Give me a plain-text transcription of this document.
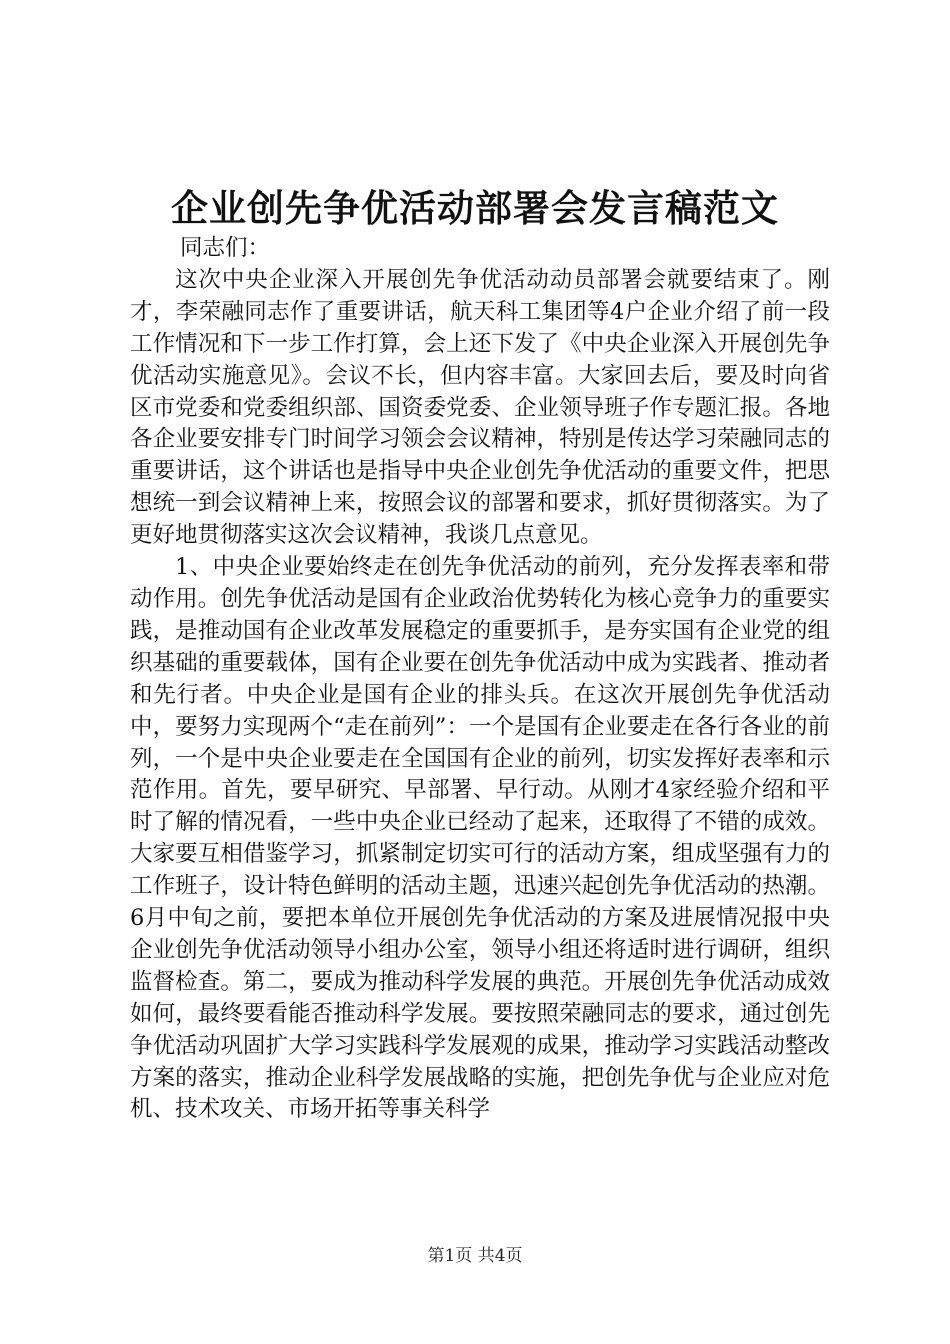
企业创先争优活动部署会发言稿范文

同志们：

这次中央企业深入开展创先争优活动动员部署会就要结束了。刚才，李荣融同志作了重要讲话，航天科工集团等4户企业介绍了前一段工作情况和下一步工作打算，会上还下发了《中央企业深入开展创先争优活动实施意见》。会议不长，但内容丰富。大家回去后，要及时向省区市党委和党委组织部、国资委党委、企业领导班子作专题汇报。各地各企业要安排专门时间学习领会会议精神，特别是传达学习荣融同志的重要讲话，这个讲话也是指导中央企业创先争优活动的重要文件，把思想统一到会议精神上来，按照会议的部署和要求，抓好贯彻落实。为了更好地贯彻落实这次会议精神，我谈几点意见。

1、中央企业要始终走在创先争优活动的前列，充分发挥表率和带动作用。创先争优活动是国有企业政治优势转化为核心竞争力的重要实践，是推动国有企业改革发展稳定的重要抓手，是夯实国有企业党的组织基础的重要载体，国有企业要在创先争优活动中成为实践者、推动者和先行者。中央企业是国有企业的排头兵。在这次开展创先争优活动中，要努力实现两个“走在前列”：一个是国有企业要走在各行各业的前列，一个是中央企业要走在全国国有企业的前列，切实发挥好表率和示范作用。首先，要早研究、早部署、早行动。从刚才4家经验介绍和平时了解的情况看，一些中央企业已经动了起来，还取得了不错的成效。大家要互相借鉴学习，抓紧制定切实可行的活动方案，组成坚强有力的工作班子，设计特色鲜明的活动主题，迅速兴起创先争优活动的热潮。6月中旬之前，要把本单位开展创先争优活动的方案及进展情况报中央企业创先争优活动领导小组办公室，领导小组还将适时进行调研，组织监督检查。第二，要成为推动科学发展的典范。开展创先争优活动成效如何，最终要看能否推动科学发展。要按照荣融同志的要求，通过创先争优活动巩固扩大学习实践科学发展观的成果，推动学习实践活动整改方案的落实，推动企业科学发展战略的实施，把创先争优与企业应对危机、技术攻关、市场开拓等事关科学

第1页 共4页
